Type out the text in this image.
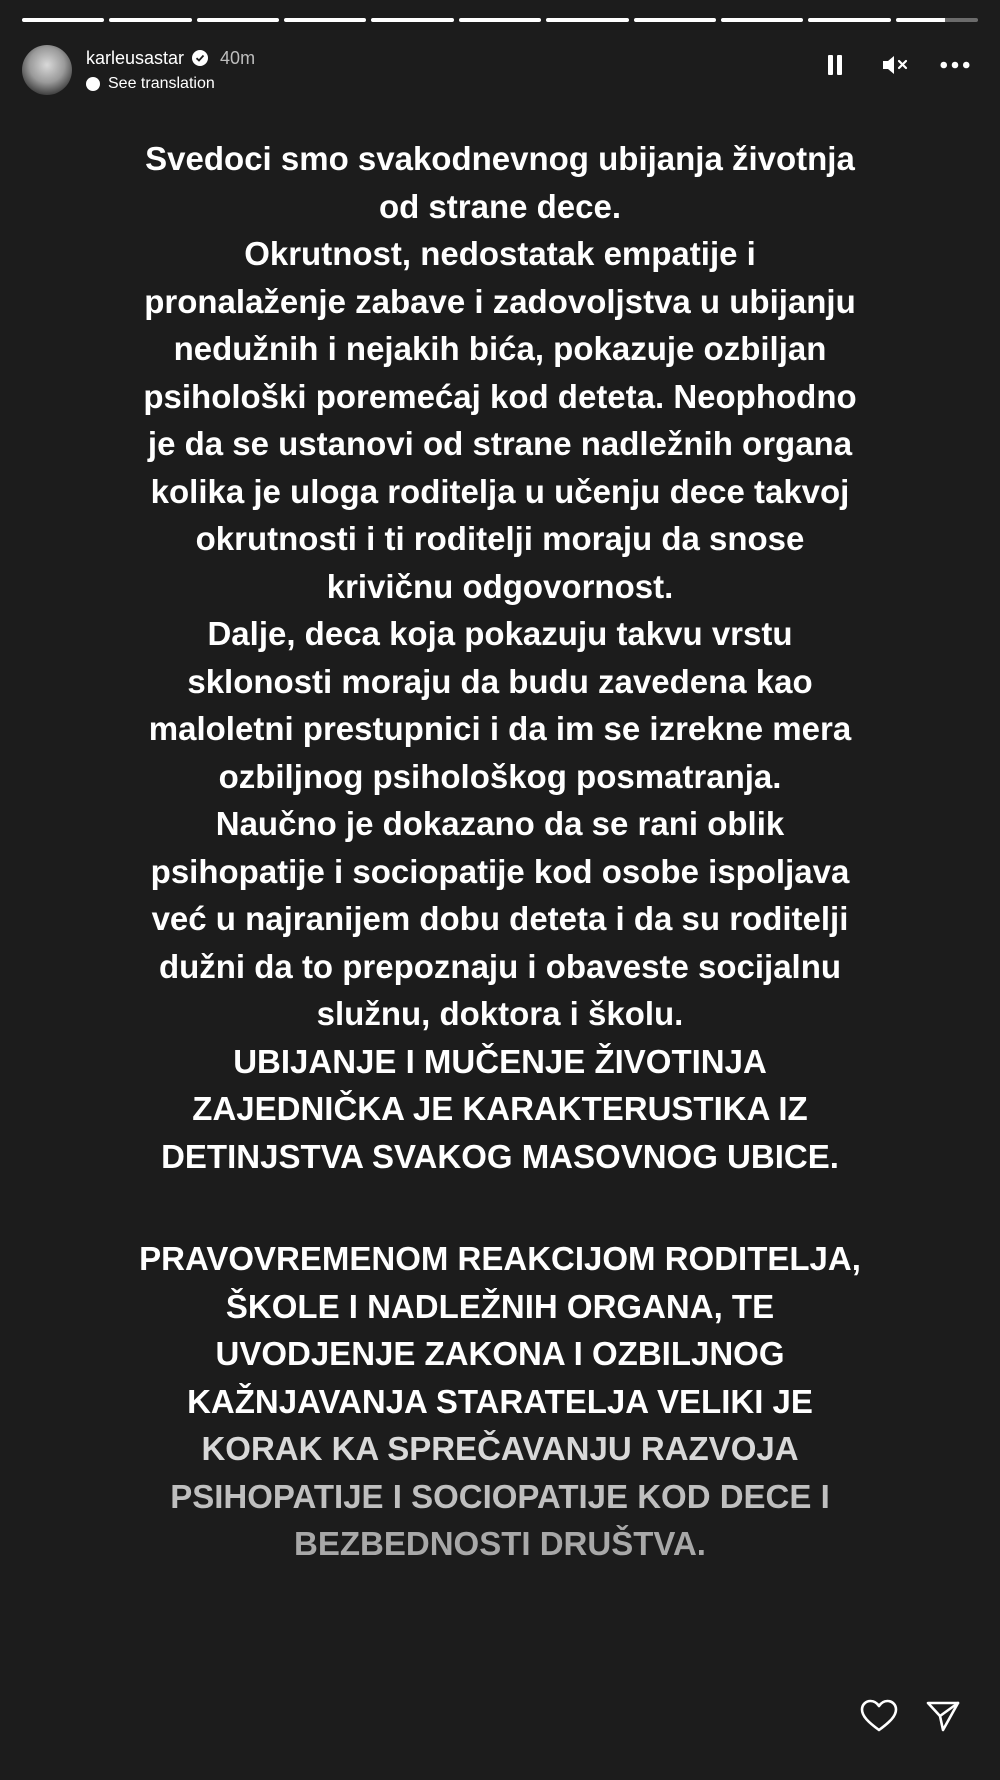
karleusastar 40m
See translation

Svedoci smo svakodnevnog ubijanja životnja
od strane dece.
Okrutnost, nedostatak empatije i
pronalaženje zabave i zadovoljstva u ubijanju
nedužnih i nejakih bića, pokazuje ozbiljan
psihološki poremećaj kod deteta. Neophodno
je da se ustanovi od strane nadležnih organa
kolika je uloga roditelja u učenju dece takvoj
okrutnosti i ti roditelji moraju da snose
krivičnu odgovornost.
Dalje, deca koja pokazuju takvu vrstu
sklonosti moraju da budu zavedena kao
maloletni prestupnici i da im se izrekne mera
ozbiljnog psihološkog posmatranja.
Naučno je dokazano da se rani oblik
psihopatije i sociopatije kod osobe ispoljava
već u najranijem dobu deteta i da su roditelji
dužni da to prepoznaju i obaveste socijalnu
služnu, doktora i školu.
UBIJANJE I MUČENJE ŽIVOTINJA
ZAJEDNIČKA JE KARAKTERUSTIKA IZ
DETINJSTVA SVAKOG MASOVNOG UBICE.

PRAVOVREMENOM REAKCIJOM RODITELJA,
ŠKOLE I NADLEŽNIH ORGANA, TE
UVODJENJE ZAKONA I OZBILJNOG
KAŽNJAVANJA STARATELJA VELIKI JE

KORAK KA SPREČAVANJU RAZVOJA

PSIHOPATIJE I SOCIOPATIJE KOD DECE I

BEZBEDNOSTI DRUŠTVA.
